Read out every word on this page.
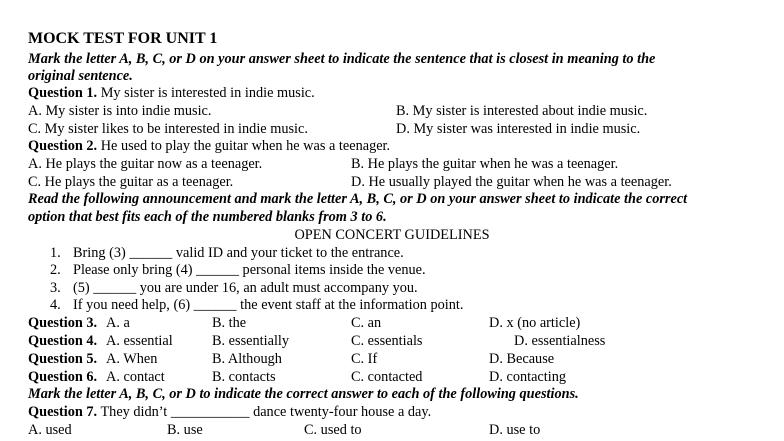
MOCK TEST FOR UNIT 1
Mark the letter A, B, C, or D on your answer sheet to indicate the sentence that is closest in meaning to the
original sentence.
Question 1. My sister is interested in indie music.
A. My sister is into indie music.	B. My sister is interested about indie music.
C. My sister likes to be interested in indie music.	D. My sister was interested in indie music.
Question 2. He used to play the guitar when he was a teenager.
A. He plays the guitar now as a teenager.	B. He plays the guitar when he was a teenager.
C. He plays the guitar as a teenager.	D. He usually played the guitar when he was a teenager.
Read the following announcement and mark the letter A, B, C, or D on your answer sheet to indicate the correct
option that best fits each of the numbered blanks from 3 to 6.
OPEN CONCERT GUIDELINES
1. Bring (3) ______ valid ID and your ticket to the entrance.
2. Please only bring (4) ______ personal items inside the venue.
3. (5) ______ you are under 16, an adult must accompany you.
4. If you need help, (6) ______ the event staff at the information point.
Question 3. A. a	B. the	C. an	D. x (no article)
Question 4. A. essential	B. essentially	C. essentials	D. essentialness
Question 5. A. When	B. Although	C. If	D. Because
Question 6. A. contact	B. contacts	C. contacted	D. contacting
Mark the letter A, B, C, or D to indicate the correct answer to each of the following questions.
Question 7. They didn’t ___________ dance twenty-four house a day.
A. used	B. use	C. used to	D. use to
